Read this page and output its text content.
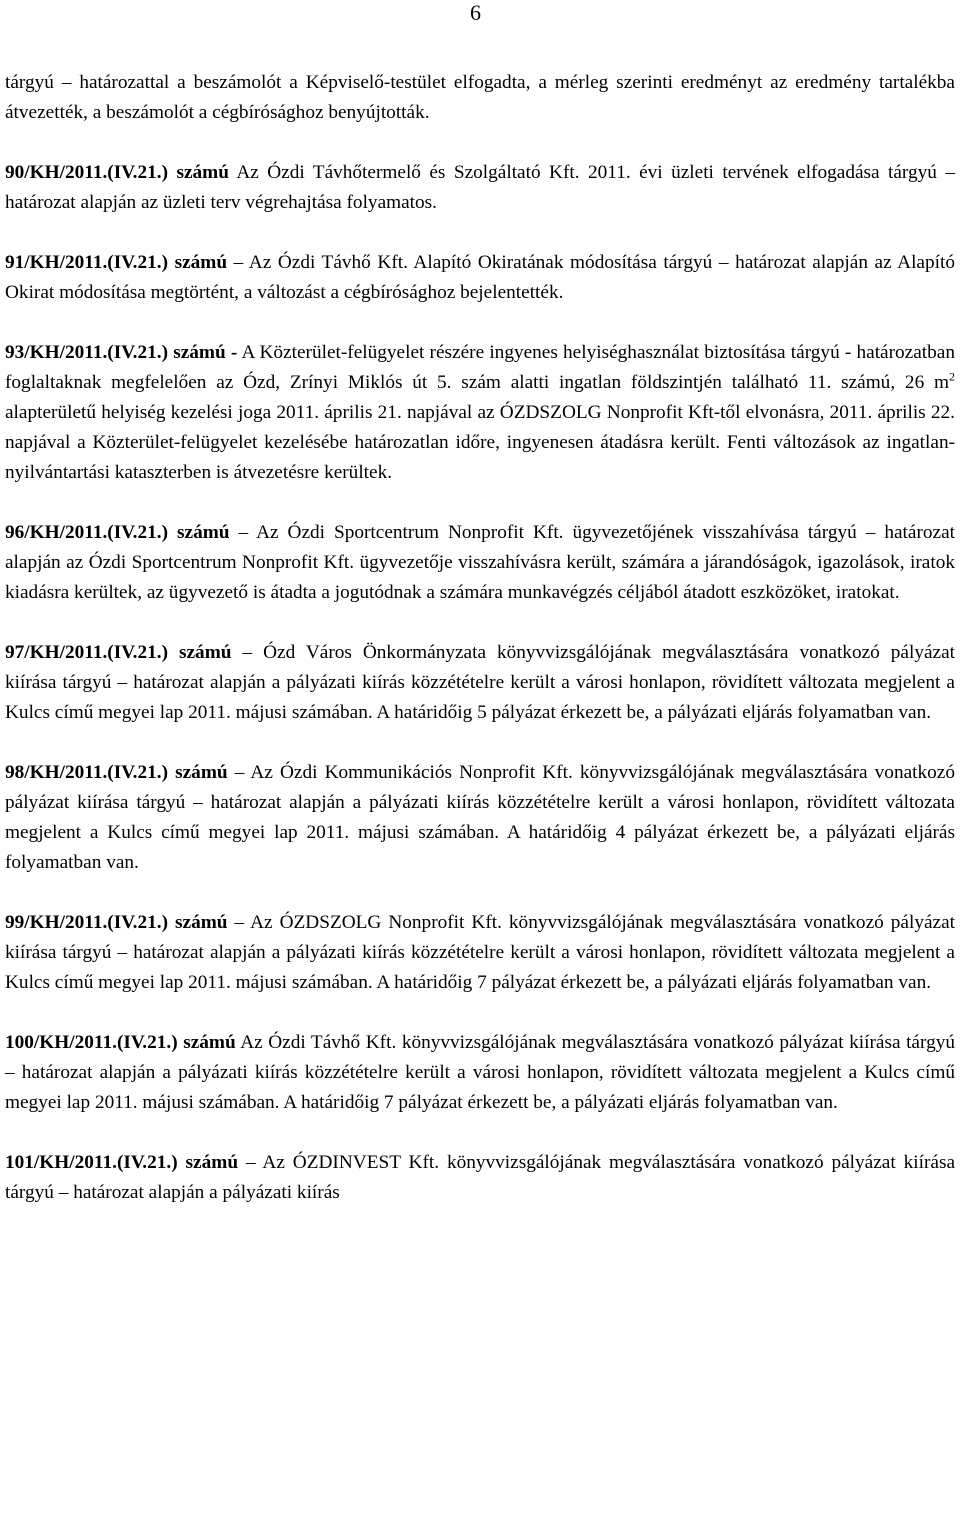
6

tárgyú – határozattal a beszámolót a Képviselő-testület elfogadta, a mérleg szerinti eredményt az eredmény tartalékba átvezették, a beszámolót a cégbírósághoz benyújtották.

90/KH/2011.(IV.21.) számú Az Ózdi Távhőtermelő és Szolgáltató Kft. 2011. évi üzleti tervének elfogadása tárgyú – határozat alapján az üzleti terv végrehajtása folyamatos.

91/KH/2011.(IV.21.) számú – Az Ózdi Távhő Kft. Alapító Okiratának módosítása tárgyú – határozat alapján az Alapító Okirat módosítása megtörtént, a változást a cégbírósághoz bejelentették.

93/KH/2011.(IV.21.) számú - A Közterület-felügyelet részére ingyenes helyiséghasználat biztosítása tárgyú - határozatban foglaltaknak megfelelően az Ózd, Zrínyi Miklós út 5. szám alatti ingatlan földszintjén található 11. számú, 26 $m^2$ alapterületű helyiség kezelési joga 2011. április 21. napjával az ÓZDSZOLG Nonprofit Kft-től elvonásra, 2011. április 22. napjával a Közterület-felügyelet kezelésébe határozatlan időre, ingyenesen átadásra került. Fenti változások az ingatlan-nyilvántartási kataszterben is átvezetésre kerültek.

96/KH/2011.(IV.21.) számú – Az Ózdi Sportcentrum Nonprofit Kft. ügyvezetőjének visszahívása tárgyú – határozat alapján az Ózdi Sportcentrum Nonprofit Kft. ügyvezetője visszahívásra került, számára a járandóságok, igazolások, iratok kiadásra kerültek, az ügyvezető is átadta a jogutódnak a számára munkavégzés céljából átadott eszközöket, iratokat.

97/KH/2011.(IV.21.) számú – Ózd Város Önkormányzata könyvvizsgálójának megválasztására vonatkozó pályázat kiírása tárgyú – határozat alapján a pályázati kiírás közzétételre került a városi honlapon, rövidített változata megjelent a Kulcs című megyei lap 2011. májusi számában. A határidőig 5 pályázat érkezett be, a pályázati eljárás folyamatban van.

98/KH/2011.(IV.21.) számú – Az Ózdi Kommunikációs Nonprofit Kft. könyvvizsgálójának megválasztására vonatkozó pályázat kiírása tárgyú – határozat alapján a pályázati kiírás közzétételre került a városi honlapon, rövidített változata megjelent a Kulcs című megyei lap 2011. májusi számában. A határidőig 4 pályázat érkezett be, a pályázati eljárás folyamatban van.

99/KH/2011.(IV.21.) számú – Az ÓZDSZOLG Nonprofit Kft. könyvvizsgálójának megválasztására vonatkozó pályázat kiírása tárgyú – határozat alapján a pályázati kiírás közzétételre került a városi honlapon, rövidített változata megjelent a Kulcs című megyei lap 2011. májusi számában. A határidőig 7 pályázat érkezett be, a pályázati eljárás folyamatban van.

100/KH/2011.(IV.21.) számú Az Ózdi Távhő Kft. könyvvizsgálójának megválasztására vonatkozó pályázat kiírása tárgyú – határozat alapján a pályázati kiírás közzétételre került a városi honlapon, rövidített változata megjelent a Kulcs című megyei lap 2011. májusi számában. A határidőig 7 pályázat érkezett be, a pályázati eljárás folyamatban van.

101/KH/2011.(IV.21.) számú – Az ÓZDINVEST Kft. könyvvizsgálójának megválasztására vonatkozó pályázat kiírása tárgyú – határozat alapján a pályázati kiírás
